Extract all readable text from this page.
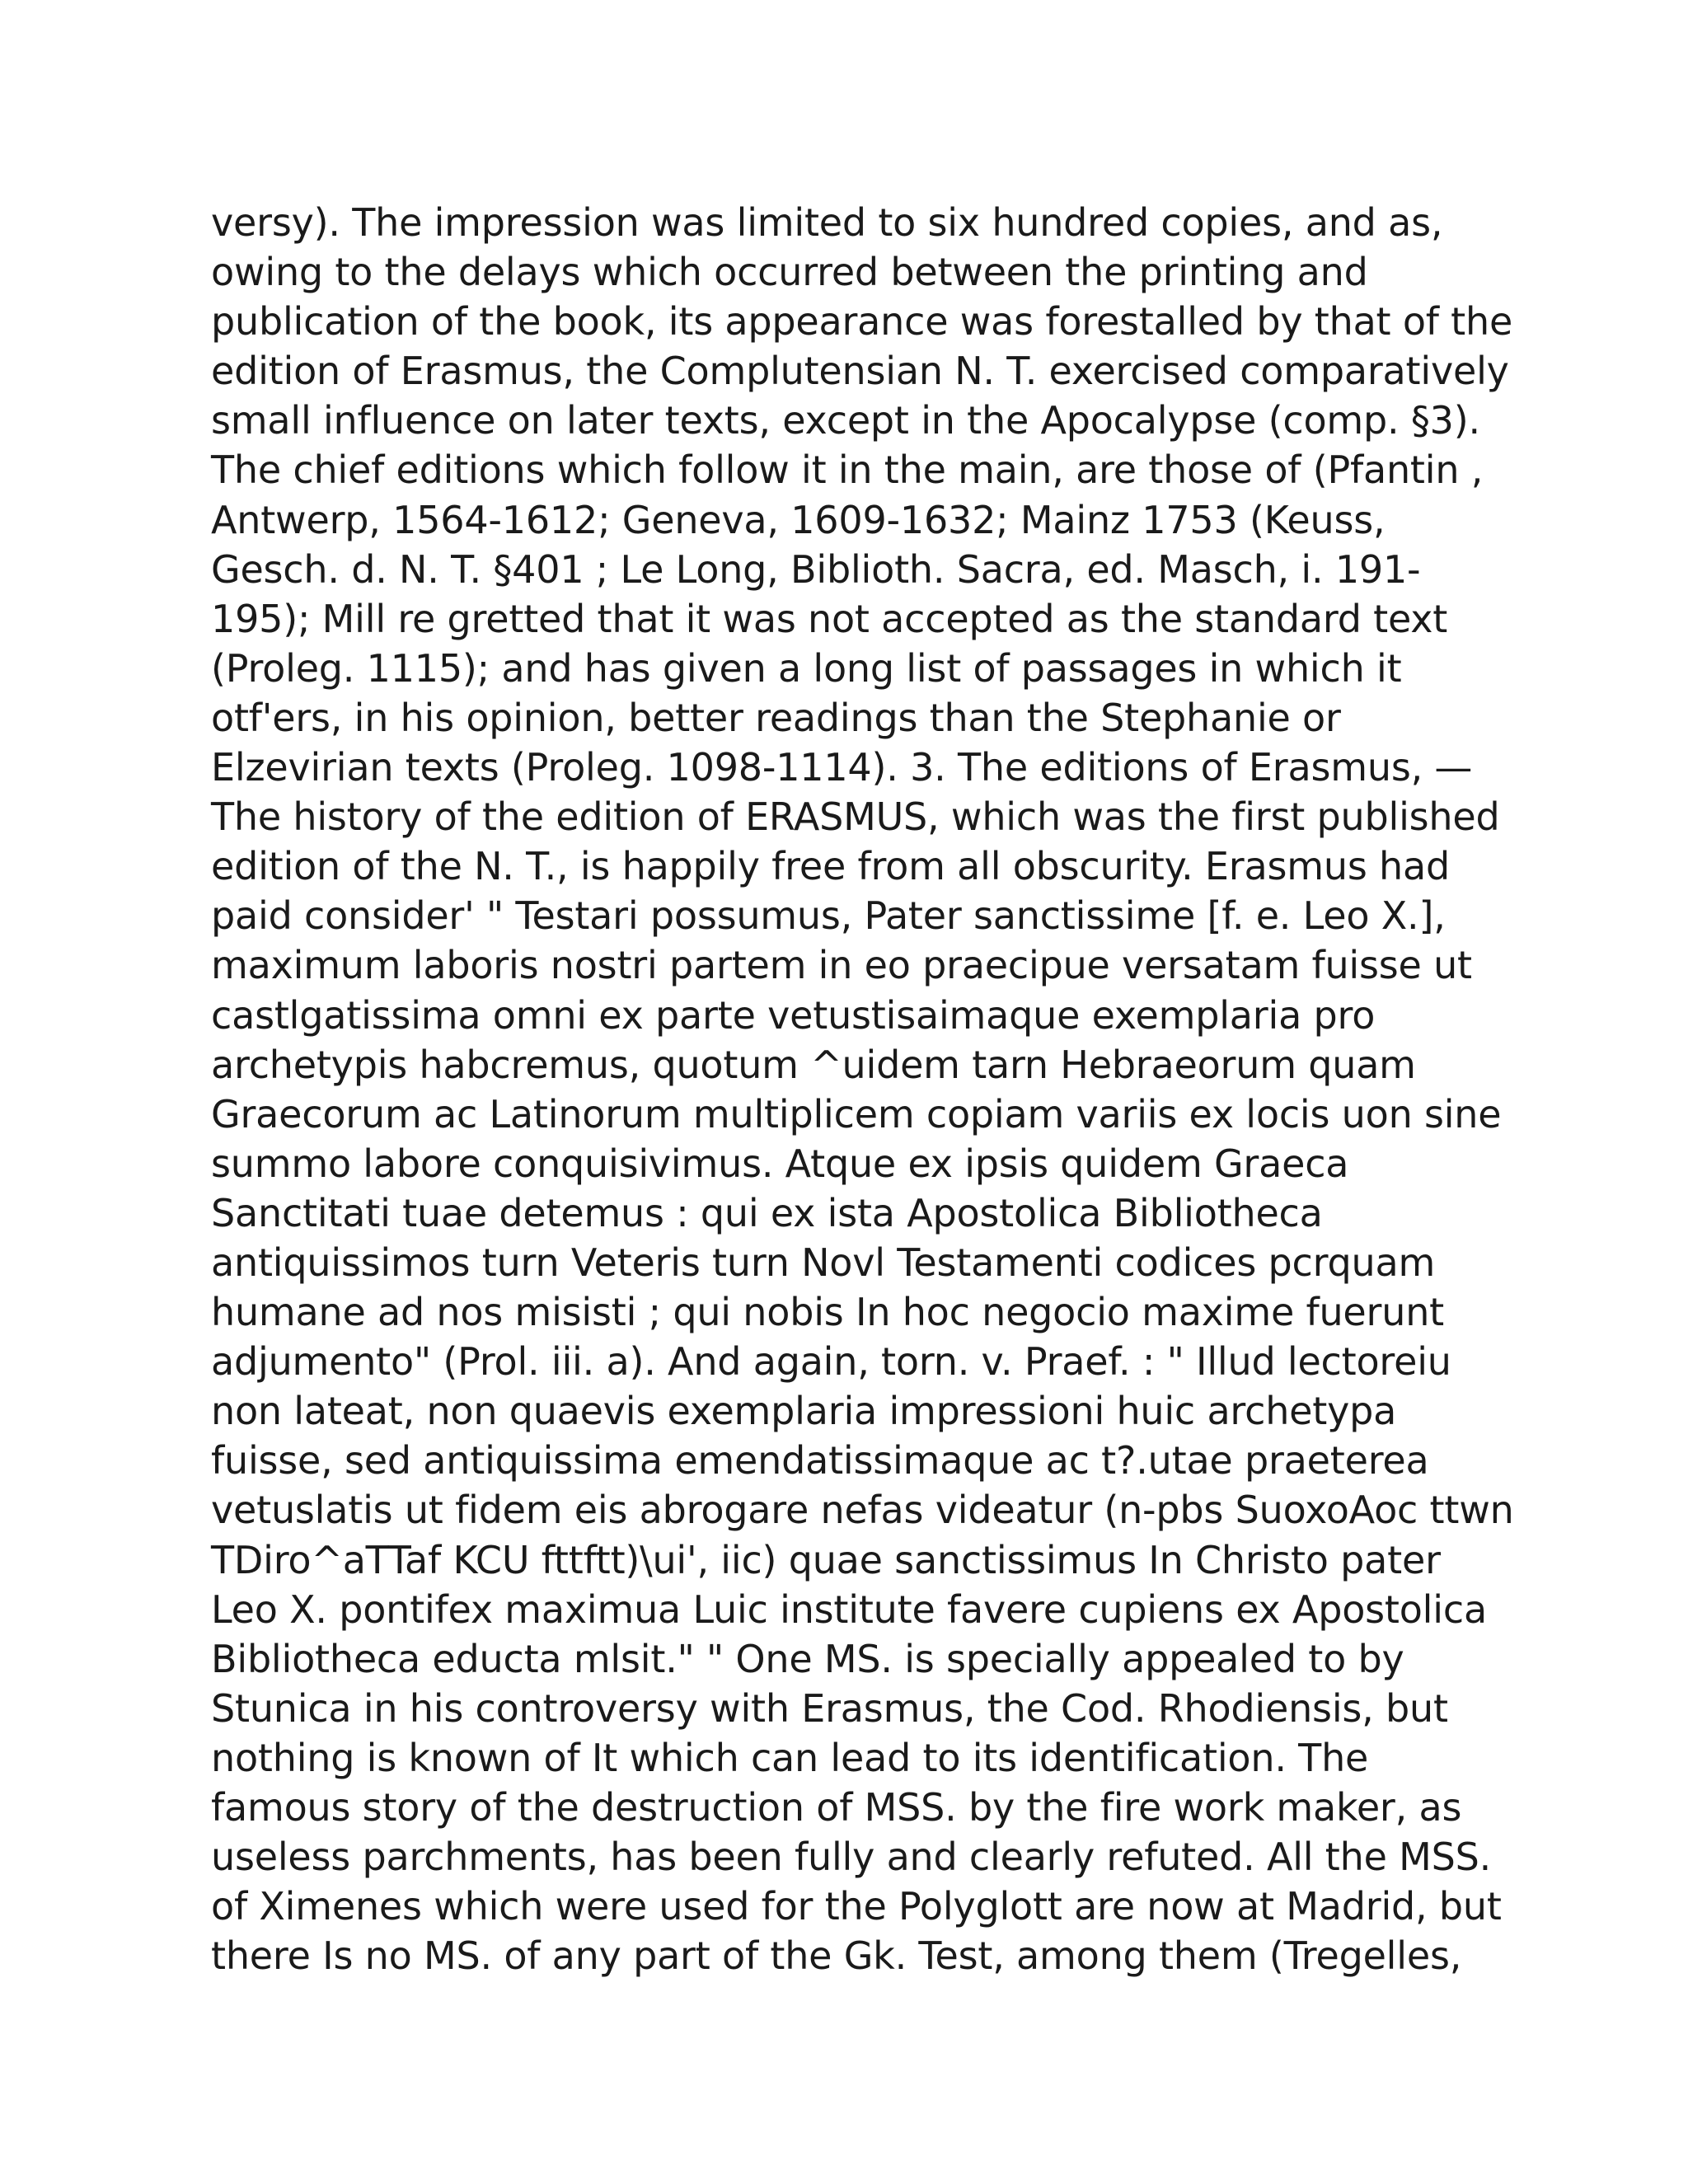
versy). The impression was limited to six hundred copies, and as,
owing to the delays which occurred between the printing and
publication of the book, its appearance was forestalled by that of the
edition of Erasmus, the Complutensian N. T. exercised comparatively
small influence on later texts, except in the Apocalypse (comp. §3).
The chief editions which follow it in the main, are those of (Pfantin ,
Antwerp, 1564-1612; Geneva, 1609-1632; Mainz 1753 (Keuss,
Gesch. d. N. T. §401 ; Le Long, Biblioth. Sacra, ed. Masch, i. 191-
195); Mill re gretted that it was not accepted as the standard text
(Proleg. 1115); and has given a long list of passages in which it
otf'ers, in his opinion, better readings than the Stephanie or
Elzevirian texts (Proleg. 1098-1114). 3. The editions of Erasmus, —
The history of the edition of ERASMUS, which was the first published
edition of the N. T., is happily free from all obscurity. Erasmus had
paid consider' " Testari possumus, Pater sanctissime [f. e. Leo X.],
maximum laboris nostri partem in eo praecipue versatam fuisse ut
castlgatissima omni ex parte vetustisaimaque exemplaria pro
archetypis habcremus, quotum ^uidem tarn Hebraeorum quam
Graecorum ac Latinorum multiplicem copiam variis ex locis uon sine
summo labore conquisivimus. Atque ex ipsis quidem Graeca
Sanctitati tuae detemus : qui ex ista Apostolica Bibliotheca
antiquissimos turn Veteris turn Novl Testamenti codices pcrquam
humane ad nos misisti ; qui nobis In hoc negocio maxime fuerunt
adjumento" (Prol. iii. a). And again, torn. v. Praef. : " Illud lectoreiu
non lateat, non quaevis exemplaria impressioni huic archetypa
fuisse, sed antiquissima emendatissimaque ac t?.utae praeterea
vetuslatis ut fidem eis abrogare nefas videatur (n-pbs SuoxoAoc ttwn
TDiro^aTTaf KCU fttftt)\ui', iic) quae sanctissimus In Christo pater
Leo X. pontifex maximua Luic institute favere cupiens ex Apostolica
Bibliotheca educta mlsit." " One MS. is specially appealed to by
Stunica in his controversy with Erasmus, the Cod. Rhodiensis, but
nothing is known of It which can lead to its identification. The
famous story of the destruction of MSS. by the fire work maker, as
useless parchments, has been fully and clearly refuted. All the MSS.
of Ximenes which were used for the Polyglott are now at Madrid, but
there Is no MS. of any part of the Gk. Test, among them (Tregelles,
